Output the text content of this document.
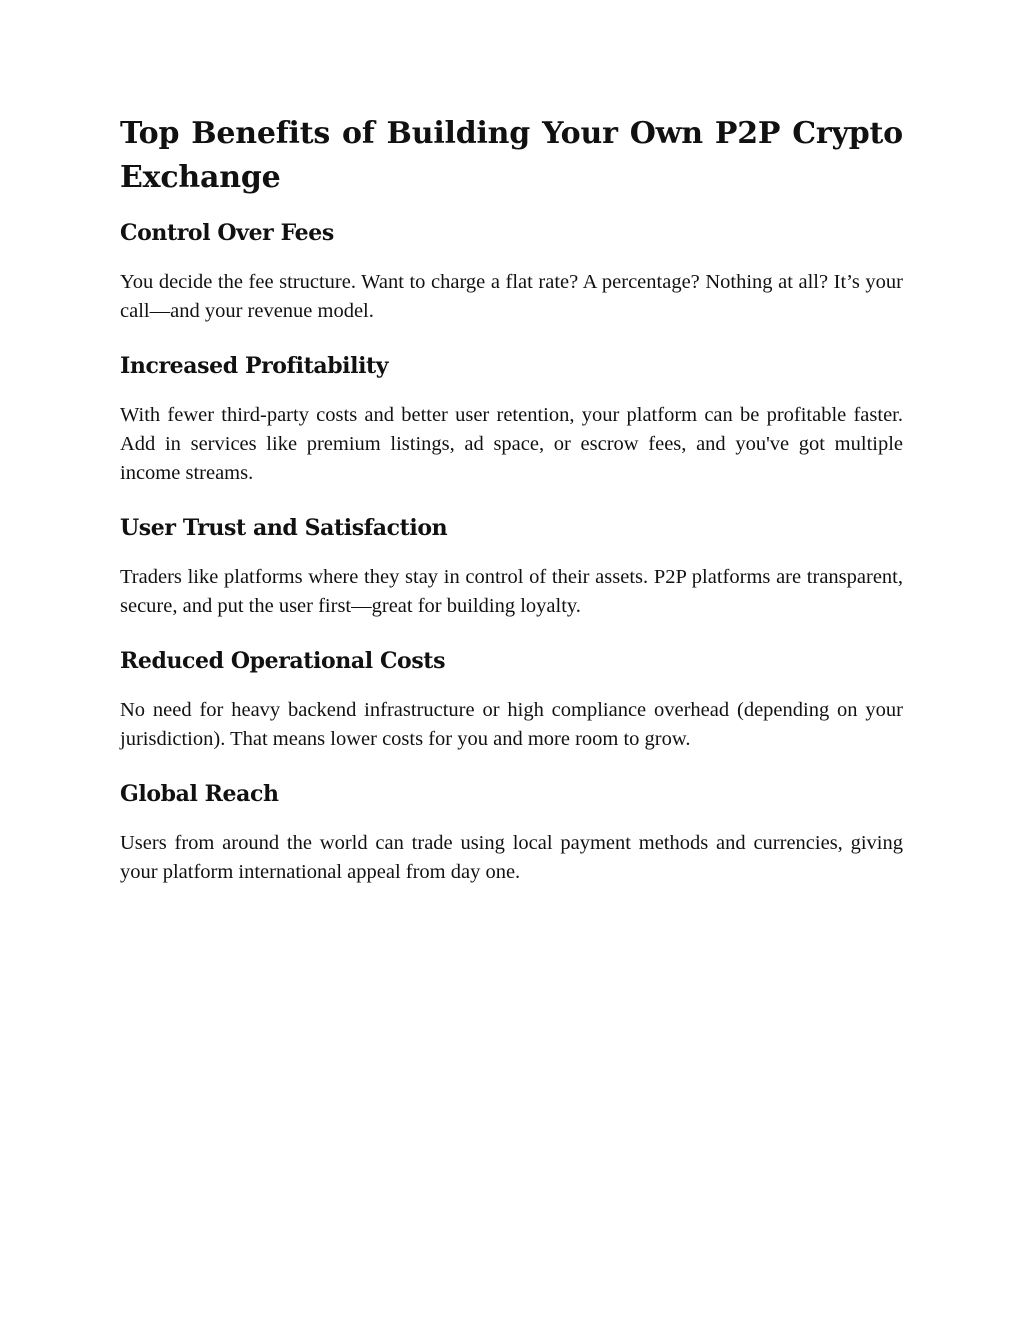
Top Benefits of Building Your Own P2P Crypto Exchange
Control Over Fees

You decide the fee structure. Want to charge a flat rate? A percentage? Nothing at all? It’s your call—and your revenue model.

Increased Profitability

With fewer third-party costs and better user retention, your platform can be profitable faster. Add in services like premium listings, ad space, or escrow fees, and you've got multiple income streams.

User Trust and Satisfaction

Traders like platforms where they stay in control of their assets. P2P platforms are transparent, secure, and put the user first—great for building loyalty.

Reduced Operational Costs

No need for heavy backend infrastructure or high compliance overhead (depending on your jurisdiction). That means lower costs for you and more room to grow.

Global Reach

Users from around the world can trade using local payment methods and currencies, giving your platform international appeal from day one.
